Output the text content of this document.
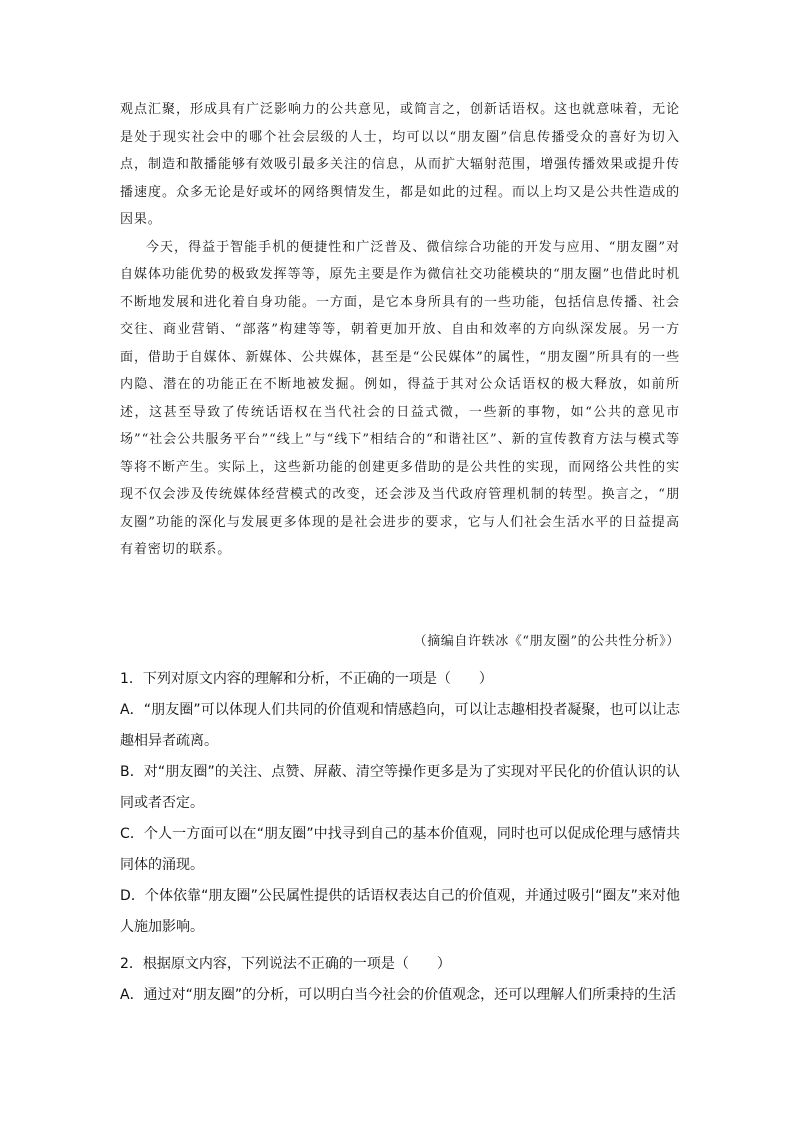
观点汇聚，形成具有广泛影响力的公共意见，或简言之，创新话语权。这也就意味着，无论是处于现实社会中的哪个社会层级的人士，均可以以“朋友圈”信息传播受众的喜好为切入点，制造和散播能够有效吸引最多关注的信息，从而扩大辐射范围，增强传播效果或提升传播速度。众多无论是好或坏的网络舆情发生，都是如此的过程。而以上均又是公共性造成的因果。

今天，得益于智能手机的便捷性和广泛普及、微信综合功能的开发与应用、“朋友圈”对自媒体功能优势的极致发挥等等，原先主要是作为微信社交功能模块的“朋友圈”也借此时机不断地发展和进化着自身功能。一方面，是它本身所具有的一些功能，包括信息传播、社会交往、商业营销、“部落”构建等等，朝着更加开放、自由和效率的方向纵深发展。另一方面，借助于自媒体、新媒体、公共媒体，甚至是“公民媒体”的属性，“朋友圈”所具有的一些内隐、潜在的功能正在不断地被发掘。例如，得益于其对公众话语权的极大释放，如前所述，这甚至导致了传统话语权在当代社会的日益式微，一些新的事物，如“公共的意见市场”“社会公共服务平台”“线上”与“线下”相结合的“和谐社区”、新的宣传教育方法与模式等等将不断产生。实际上，这些新功能的创建更多借助的是公共性的实现，而网络公共性的实现不仅会涉及传统媒体经营模式的改变，还会涉及当代政府管理机制的转型。换言之，“朋友圈”功能的深化与发展更多体现的是社会进步的要求，它与人们社会生活水平的日益提高有着密切的联系。

（摘编自许轶冰《“朋友圈”的公共性分析》）

1．下列对原文内容的理解和分析，不正确的一项是（　　）

A．“朋友圈”可以体现人们共同的价值观和情感趋向，可以让志趣相投者凝聚，也可以让志趣相异者疏离。

B．对“朋友圈”的关注、点赞、屏蔽、清空等操作更多是为了实现对平民化的价值认识的认同或者否定。

C．个人一方面可以在“朋友圈”中找寻到自己的基本价值观，同时也可以促成伦理与感情共同体的涌现。

D．个体依靠“朋友圈”公民属性提供的话语权表达自己的价值观，并通过吸引“圈友”来对他人施加影响。

2．根据原文内容，下列说法不正确的一项是（　　）

A．通过对“朋友圈”的分析，可以明白当今社会的价值观念，还可以理解人们所秉持的生活
